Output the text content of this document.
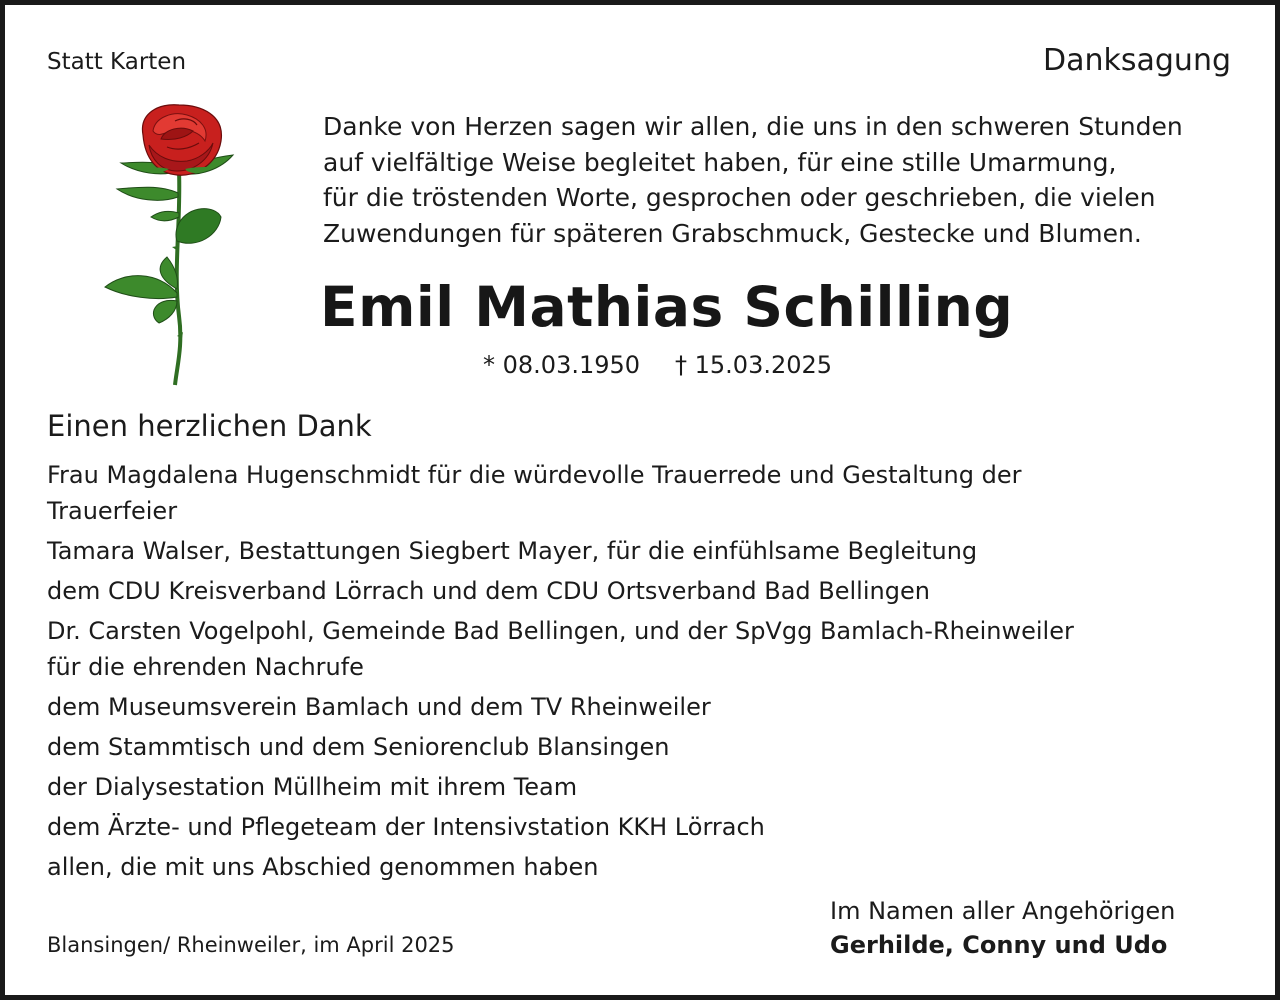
Statt Karten	Danksagung
Danke von Herzen sagen wir allen, die uns in den schweren Stunden
auf vielfältige Weise begleitet haben, für eine stille Umarmung,
für die tröstenden Worte, gesprochen oder geschrieben, die vielen
Zuwendungen für späteren Grabschmuck, Gestecke und Blumen.
Emil Mathias Schilling
* 08.03.1950 † 15.03.2025
Einen herzlichen Dank
Frau Magdalena Hugenschmidt für die würdevolle Trauerrede und Gestaltung der
Trauerfeier
Tamara Walser, Bestattungen Siegbert Mayer, für die einfühlsame Begleitung
dem CDU Kreisverband Lörrach und dem CDU Ortsverband Bad Bellingen
Dr. Carsten Vogelpohl, Gemeinde Bad Bellingen, und der SpVgg Bamlach-Rheinweiler
für die ehrenden Nachrufe
dem Museumsverein Bamlach und dem TV Rheinweiler
dem Stammtisch und dem Seniorenclub Blansingen
der Dialysestation Müllheim mit ihrem Team
dem Ärzte- und Pflegeteam der Intensivstation KKH Lörrach
allen, die mit uns Abschied genommen haben
Blansingen/ Rheinweiler, im April 2025
Im Namen aller Angehörigen
Gerhilde, Conny und Udo
